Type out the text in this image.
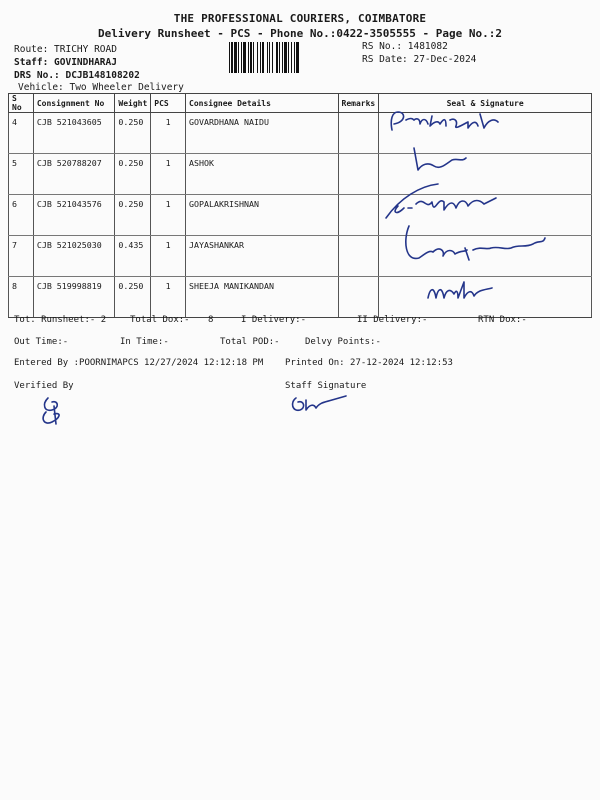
THE PROFESSIONAL COURIERS, COIMBATORE
Delivery Runsheet - PCS - Phone No.:0422-3505555 - Page No.:2
Route: TRICHY ROAD
Staff: GOVINDHARAJ
DRS No.: DCJB148108202
Vehicle: Two Wheeler Delivery
RS No.: 1481082
RS Date: 27-Dec-2024
S No	Consignment No	Weight	PCS	Consignee Details	Remarks	Seal & Signature
4	CJB 521043605	0.250	1	GOVARDHANA NAIDU		
5	CJB 520788207	0.250	1	ASHOK		
6	CJB 521043576	0.250	1	GOPALAKRISHNAN		
7	CJB 521025030	0.435	1	JAYASHANKAR		
8	CJB 519998819	0.250	1	SHEEJA MANIKANDAN		
Tot. Runsheet:- 2	Total Dox:- 8	I Delivery:-	II Delivery:-	RTN Dox:-
Out Time:-	In Time:-	Total POD:-	Delvy Points:-
Entered By :POORNIMAPCS 12/27/2024 12:12:18 PM Printed On: 27-12-2024 12:12:53
Verified By	Staff Signature
